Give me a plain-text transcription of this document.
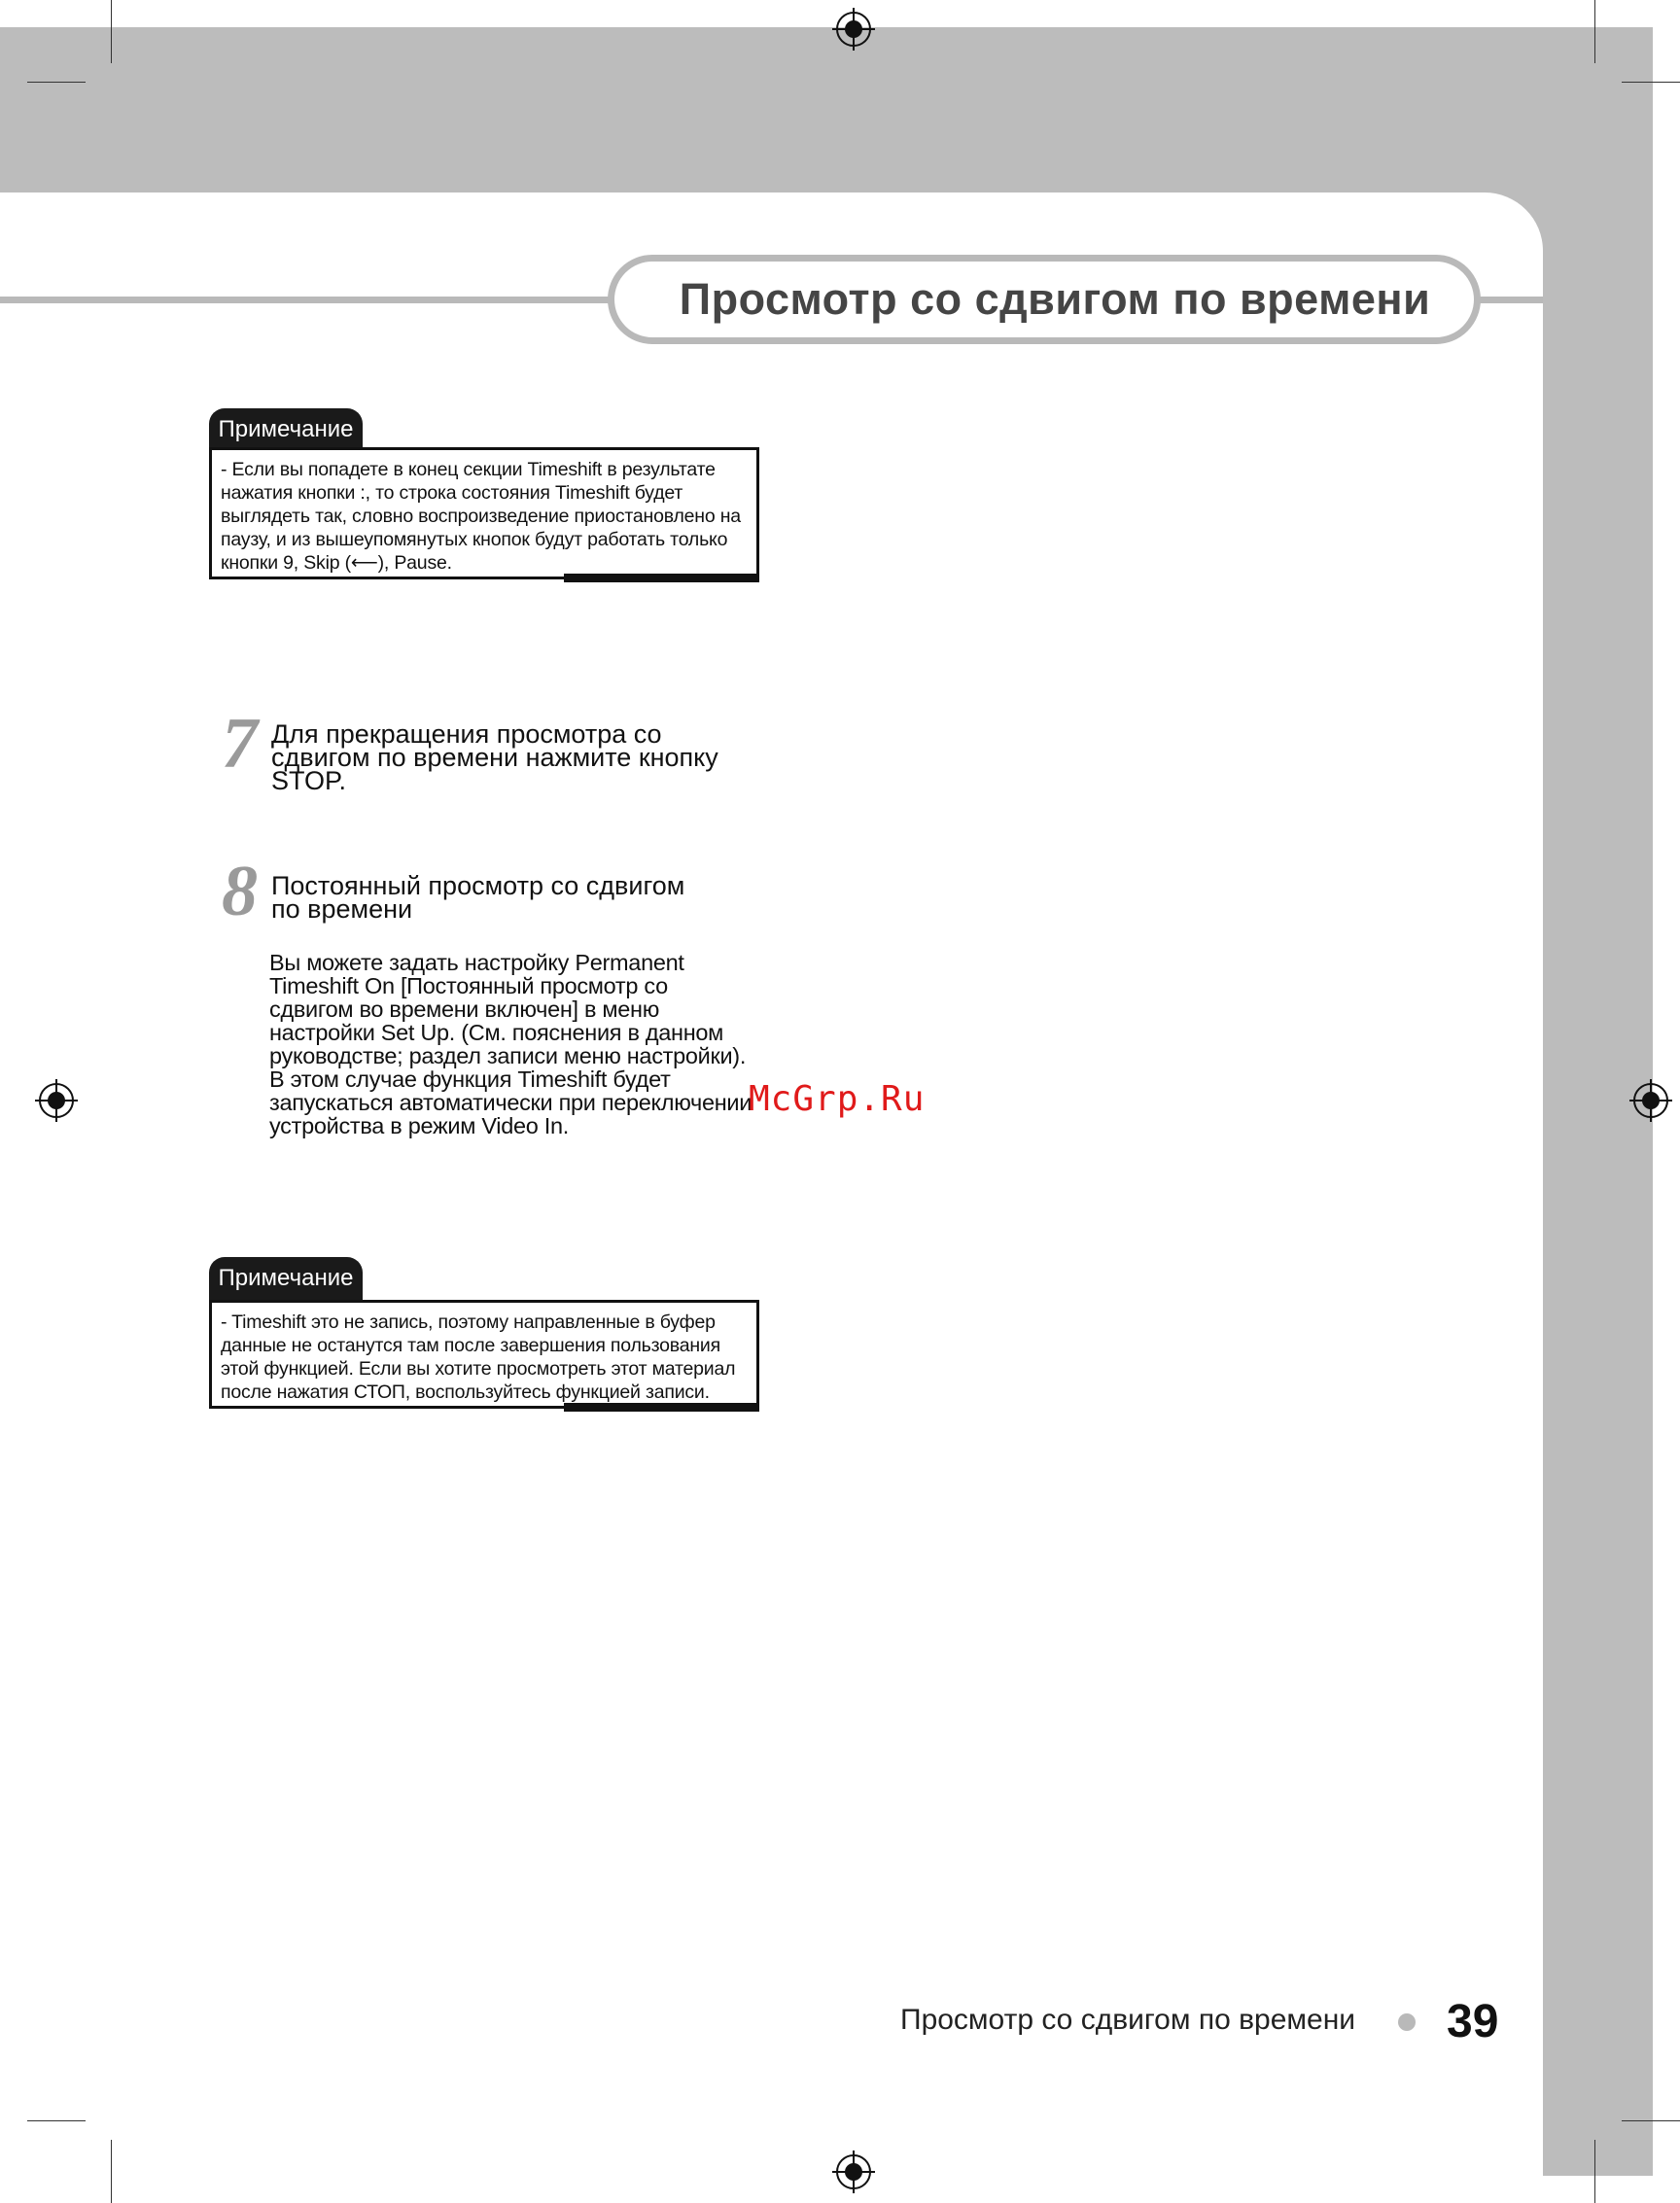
Просмотр со сдвигом по времени
Примечание
- Если вы попадете в конец секции Timeshift в результате
нажатия кнопки :, то строка состояния Timeshift будет
выглядеть так, словно воспроизведение приостановлено на
паузу, и из вышеупомянутых кнопок будут работать только
кнопки 9, Skip (⟵), Pause.
7 Для прекращения просмотра со
сдвигом по времени нажмите кнопку
STOP.
8 Постоянный просмотр со сдвигом
по времени
Вы можете задать настройку Permanent
Timeshift On [Постоянный просмотр со
сдвигом во времени включен] в меню
настройки Set Up. (См. пояснения в данном
руководстве; раздел записи меню настройки).
В этом случае функция Timeshift будет
запускаться автоматически при переключении
устройства в режим Video In.
McGrp.Ru
Примечание
- Timeshift это не запись, поэтому направленные в буфер
данные не останутся там после завершения пользования
этой функцией. Если вы хотите просмотреть этот материал
после нажатия СТОП, воспользуйтесь функцией записи.
Просмотр со сдвигом по времени 39
